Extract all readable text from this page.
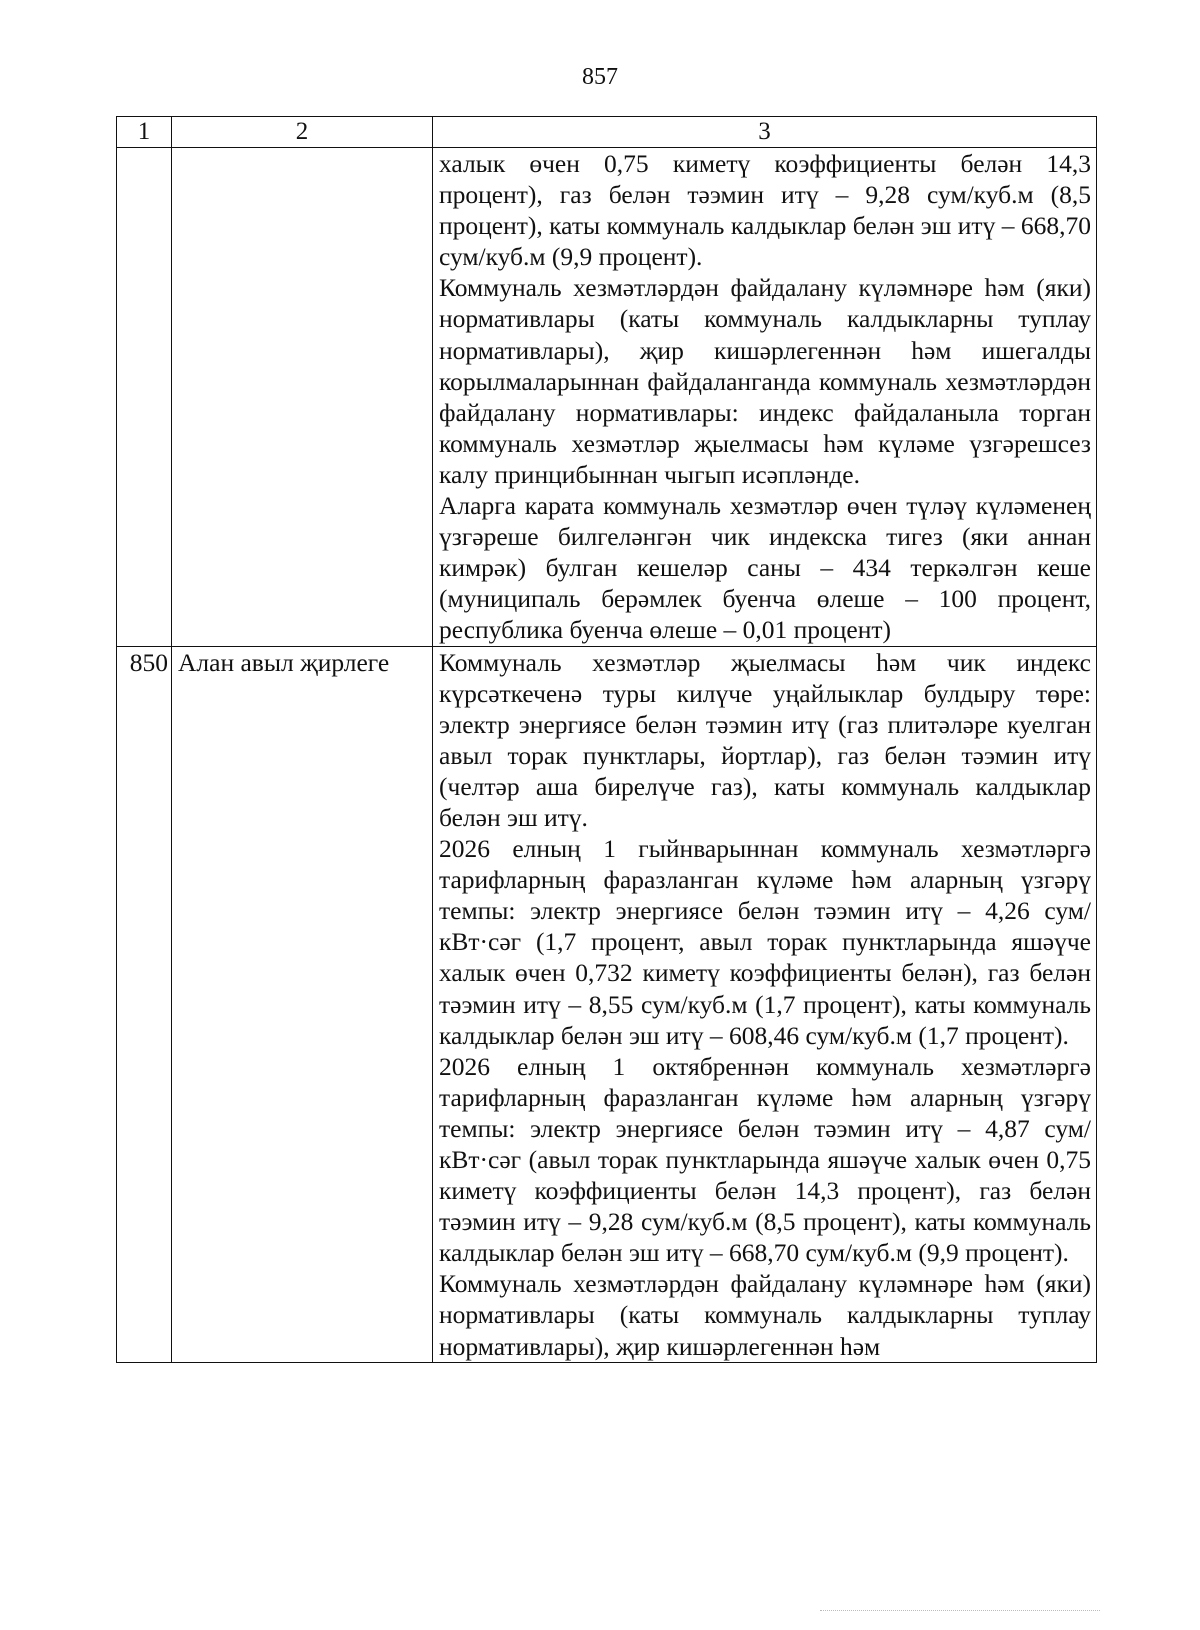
857
1	2	3

		халык өчен 0,75 киметү коэффициенты белән 14,3 процент), газ белән тәэмин итү – 9,28 сум/куб.м (8,5 процент), каты коммуналь калдыклар белән эш итү – 668,70 сум/куб.м (9,9 процент).

Коммуналь хезмәтләрдән файдалану күләмнәре һәм (яки) нормативлары (каты коммуналь калдыкларны туплау нормативлары), җир кишәрлегеннән һәм ишегалды корылмаларыннан файдаланганда коммуналь хезмәтләрдән файдалану нормативлары: индекс файдаланыла торган коммуналь хезмәтләр җыелмасы һәм күләме үзгәрешсез калу принцибыннан чыгып исәпләнде.

Аларга карата коммуналь хезмәтләр өчен түләү күләменең үзгәреше билгеләнгән чик индекска тигез (яки аннан кимрәк) булган кешеләр саны – 434 теркәлгән кеше (муниципаль берәмлек буенча өлеше – 100 процент, республика буенча өлеше – 0,01 процент)

850	Алан авыл җирлеге	Коммуналь хезмәтләр җыелмасы һәм чик индекс күрсәткеченә туры килүче уңайлыклар булдыру төре: электр энергиясе белән тәэмин итү (газ плитәләре куелган авыл торак пунктлары, йортлар), газ белән тәэмин итү (челтәр аша бирелүче газ), каты коммуналь калдыклар белән эш итү.

2026 елның 1 гыйнварыннан коммуналь хезмәтләргә тарифларның фаразланган күләме һәм аларның үзгәрү темпы: электр энергиясе белән тәэмин итү – 4,26 сум/кВт·сәг (1,7 процент, авыл торак пунктларында яшәүче халык өчен 0,732 киметү коэффициенты белән), газ белән тәэмин итү – 8,55 сум/куб.м (1,7 процент), каты коммуналь калдыклар белән эш итү – 608,46 сум/куб.м (1,7 процент).

2026 елның 1 октябреннән коммуналь хезмәтләргә тарифларның фаразланган күләме һәм аларның үзгәрү темпы: электр энергиясе белән тәэмин итү – 4,87 сум/кВт·сәг (авыл торак пунктларында яшәүче халык өчен 0,75 киметү коэффициенты белән 14,3 процент), газ белән тәэмин итү – 9,28 сум/куб.м (8,5 процент), каты коммуналь калдыклар белән эш итү – 668,70 сум/куб.м (9,9 процент).

Коммуналь хезмәтләрдән файдалану күләмнәре һәм (яки) нормативлары (каты коммуналь калдыкларны туплау нормативлары), җир кишәрлегеннән һәм
